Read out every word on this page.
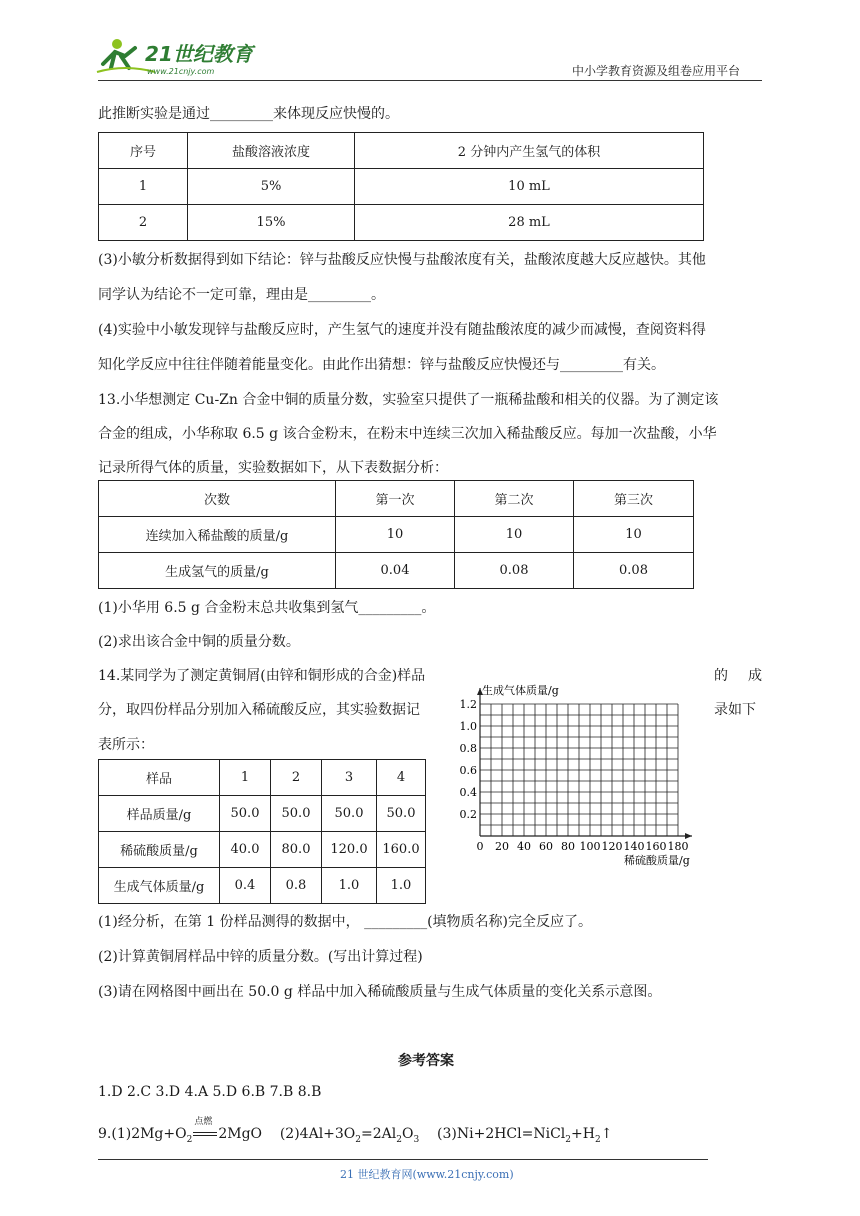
21世纪教育
www.21cnjy.com	中小学教育资源及组卷应用平台
此推断实验是通过_________来体现反应快慢的。
序号	盐酸溶液浓度	2 分钟内产生氢气的体积
1	5%	10 mL
2	15%	28 mL
(3)小敏分析数据得到如下结论：锌与盐酸反应快慢与盐酸浓度有关，盐酸浓度越大反应越快。其他
同学认为结论不一定可靠，理由是_________。
(4)实验中小敏发现锌与盐酸反应时，产生氢气的速度并没有随盐酸浓度的减少而减慢，查阅资料得
知化学反应中往往伴随着能量变化。由此作出猜想：锌与盐酸反应快慢还与_________有关。
13.小华想测定 Cu-Zn 合金中铜的质量分数，实验室只提供了一瓶稀盐酸和相关的仪器。为了测定该
合金的组成，小华称取 6.5 g 该合金粉末，在粉末中连续三次加入稀盐酸反应。每加一次盐酸，小华
记录所得气体的质量，实验数据如下，从下表数据分析：
次数	第一次	第二次	第三次
连续加入稀盐酸的质量/g	10	10	10
生成氢气的质量/g	0.04	0.08	0.08
(1)小华用 6.5 g 合金粉末总共收集到氢气_________。
(2)求出该合金中铜的质量分数。
14.某同学为了测定黄铜屑(由锌和铜形成的合金)样品	的 成
分，取四份样品分别加入稀硫酸反应，其实验数据记	录如下
表所示：
样品	1	2	3	4
样品质量/g	50.0	50.0	50.0	50.0
稀硫酸质量/g	40.0	80.0	120.0	160.0
生成气体质量/g	0.4	0.8	1.0	1.0
0 20 40 60 80 100 120 140 160 180
0.2
0.4
0.6
0.8
1.0
1.2
生成气体质量/g
稀硫酸质量/g
(1)经分析，在第 1 份样品测得的数据中， _________(填物质名称)完全反应了。
(2)计算黄铜屑样品中锌的质量分数。(写出计算过程)
(3)请在网格图中画出在 50.0 g 样品中加入稀硫酸质量与生成气体质量的变化关系示意图。
参考答案
1.D 2.C 3.D 4.A 5.D 6.B 7.B 8.B
$9.(1)2Mg+O_2$
点燃
2MgO $(2)4Al+3O_2=2Al_2O_3$ $(3)Ni+2HCl=NiCl_2+H_2↑$
21 世纪教育网(www.21cnjy.com)
